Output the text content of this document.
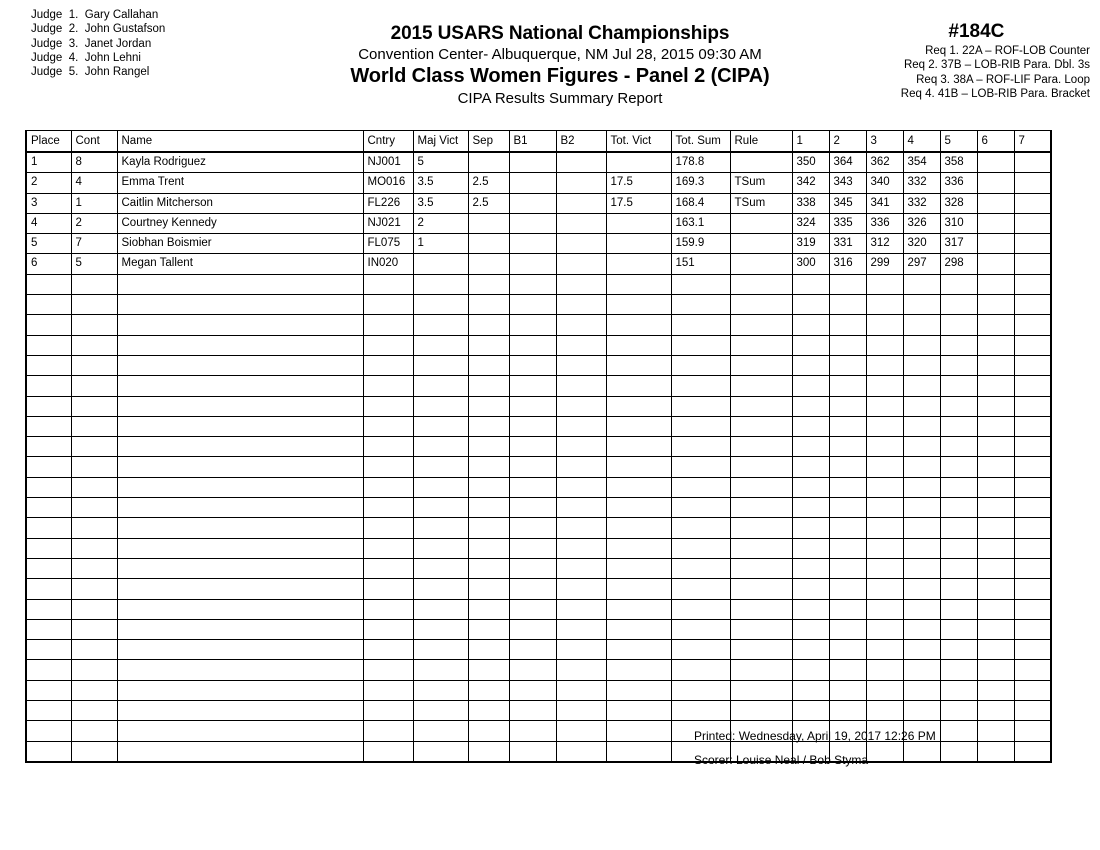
Judge 1. Gary Callahan
Judge 2. John Gustafson
Judge 3. Janet Jordan
Judge 4. John Lehni
Judge 5. John Rangel
2015 USARS National Championships
Convention Center- Albuquerque, NM Jul 28, 2015 09:30 AM
World Class Women Figures - Panel 2 (CIPA)
CIPA Results Summary Report
#184C
Req 1. 22A – ROF-LOB Counter
Req 2. 37B – LOB-RIB Para. Dbl. 3s
Req 3. 38A – ROF-LIF Para. Loop
Req 4. 41B – LOB-RIB Para. Bracket
Place	Cont	Name	Cntry	Maj Vict	Sep	B1	B2	Tot. Vict	Tot. Sum	Rule	1	2	3	4	5	6	7
1	8	Kayla Rodriguez	NJ001	5					178.8		350	364	362	354	358		
2	4	Emma Trent	MO016	3.5	2.5			17.5	169.3	TSum	342	343	340	332	336		
3	1	Caitlin Mitcherson	FL226	3.5	2.5			17.5	168.4	TSum	338	345	341	332	328		
4	2	Courtney Kennedy	NJ021	2					163.1		324	335	336	326	310		
5	7	Siobhan Boismier	FL075	1					159.9		319	331	312	320	317		
6	5	Megan Tallent	IN020						151		300	316	299	297	298		

Printed: Wednesday, April 19, 2017 12:26 PM
Scorer: Louise Neal / Bob Styma
